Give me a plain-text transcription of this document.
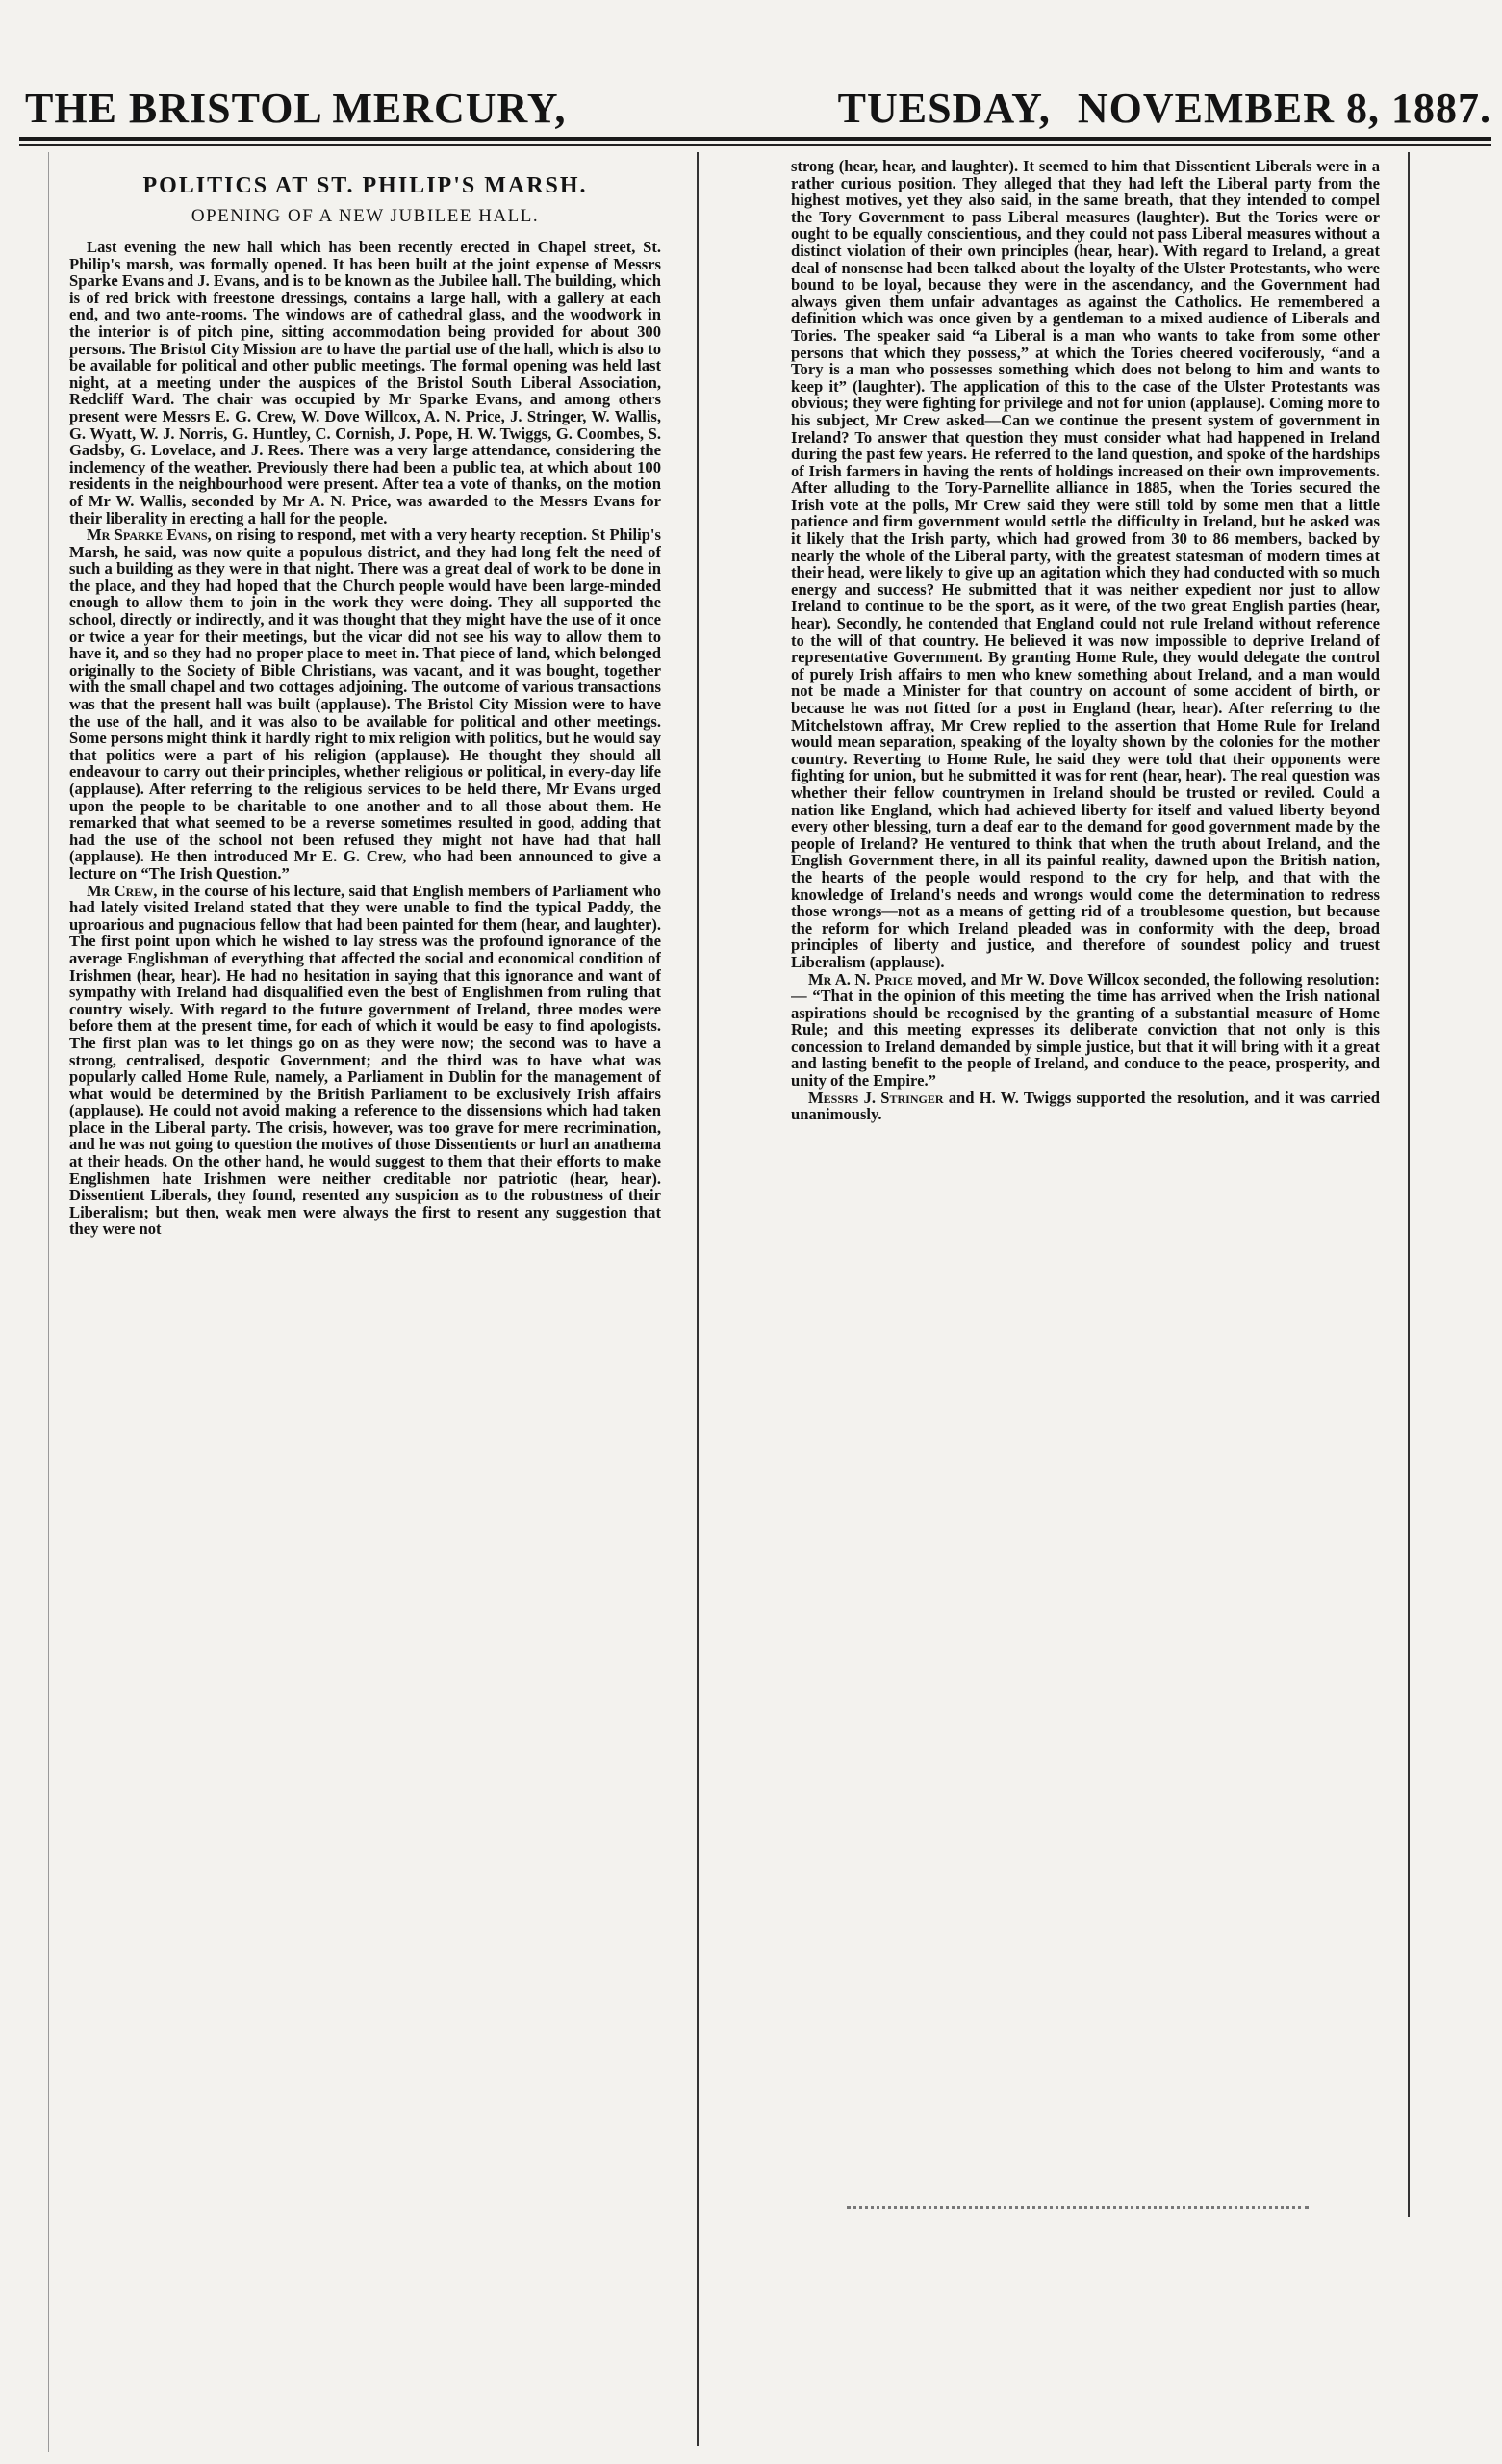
THE BRISTOL MERCURY,	TUESDAY, NOVEMBER 8, 1887.
POLITICS AT ST. PHILIP'S MARSH.
OPENING OF A NEW JUBILEE HALL.

Last evening the new hall which has been recently erected in Chapel street, St. Philip's marsh, was formally opened. It has been built at the joint expense of Messrs Sparke Evans and J. Evans, and is to be known as the Jubilee hall. The building, which is of red brick with freestone dressings, contains a large hall, with a gallery at each end, and two ante-rooms. The windows are of cathedral glass, and the woodwork in the interior is of pitch pine, sitting accommodation being provided for about 300 persons. The Bristol City Mission are to have the partial use of the hall, which is also to be available for political and other public meetings. The formal opening was held last night, at a meeting under the auspices of the Bristol South Liberal Association, Redcliff Ward. The chair was occupied by Mr Sparke Evans, and among others present were Messrs E. G. Crew, W. Dove Willcox, A. N. Price, J. Stringer, W. Wallis, G. Wyatt, W. J. Norris, G. Huntley, C. Cornish, J. Pope, H. W. Twiggs, G. Coombes, S. Gadsby, G. Lovelace, and J. Rees. There was a very large attendance, considering the inclemency of the weather. Previously there had been a public tea, at which about 100 residents in the neighbourhood were present. After tea a vote of thanks, on the motion of Mr W. Wallis, seconded by Mr A. N. Price, was awarded to the Messrs Evans for their liberality in erecting a hall for the people.

Mr Sparke Evans, on rising to respond, met with a very hearty reception. St Philip's Marsh, he said, was now quite a populous district, and they had long felt the need of such a building as they were in that night. There was a great deal of work to be done in the place, and they had hoped that the Church people would have been large-minded enough to allow them to join in the work they were doing. They all supported the school, directly or indirectly, and it was thought that they might have the use of it once or twice a year for their meetings, but the vicar did not see his way to allow them to have it, and so they had no proper place to meet in. That piece of land, which belonged originally to the Society of Bible Christians, was vacant, and it was bought, together with the small chapel and two cottages adjoining. The outcome of various transactions was that the present hall was built (applause). The Bristol City Mission were to have the use of the hall, and it was also to be available for political and other meetings. Some persons might think it hardly right to mix religion with politics, but he would say that politics were a part of his religion (applause). He thought they should all endeavour to carry out their principles, whether religious or political, in every-day life (applause). After referring to the religious services to be held there, Mr Evans urged upon the people to be charitable to one another and to all those about them. He remarked that what seemed to be a reverse sometimes resulted in good, adding that had the use of the school not been refused they might not have had that hall (applause). He then introduced Mr E. G. Crew, who had been announced to give a lecture on “The Irish Question.”

Mr Crew, in the course of his lecture, said that English members of Parliament who had lately visited Ireland stated that they were unable to find the typical Paddy, the uproarious and pugnacious fellow that had been painted for them (hear, and laughter). The first point upon which he wished to lay stress was the profound ignorance of the average Englishman of everything that affected the social and economical condition of Irishmen (hear, hear). He had no hesitation in saying that this ignorance and want of sympathy with Ireland had disqualified even the best of Englishmen from ruling that country wisely. With regard to the future government of Ireland, three modes were before them at the present time, for each of which it would be easy to find apologists. The first plan was to let things go on as they were now; the second was to have a strong, centralised, despotic Government; and the third was to have what was popularly called Home Rule, namely, a Parliament in Dublin for the management of what would be determined by the British Parliament to be exclusively Irish affairs (applause). He could not avoid making a reference to the dissensions which had taken place in the Liberal party. The crisis, however, was too grave for mere recrimination, and he was not going to question the motives of those Dissentients or hurl an anathema at their heads. On the other hand, he would suggest to them that their efforts to make Englishmen hate Irishmen were neither creditable nor patriotic (hear, hear). Dissentient Liberals, they found, resented any suspicion as to the robustness of their Liberalism; but then, weak men were always the first to resent any suggestion that they were not

strong (hear, hear, and laughter). It seemed to him that Dissentient Liberals were in a rather curious position. They alleged that they had left the Liberal party from the highest motives, yet they also said, in the same breath, that they intended to compel the Tory Government to pass Liberal measures (laughter). But the Tories were or ought to be equally conscientious, and they could not pass Liberal measures without a distinct violation of their own principles (hear, hear). With regard to Ireland, a great deal of nonsense had been talked about the loyalty of the Ulster Protestants, who were bound to be loyal, because they were in the ascendancy, and the Government had always given them unfair advantages as against the Catholics. He remembered a definition which was once given by a gentleman to a mixed audience of Liberals and Tories. The speaker said “a Liberal is a man who wants to take from some other persons that which they possess,” at which the Tories cheered vociferously, “and a Tory is a man who possesses something which does not belong to him and wants to keep it” (laughter). The application of this to the case of the Ulster Protestants was obvious; they were fighting for privilege and not for union (applause). Coming more to his subject, Mr Crew asked—Can we continue the present system of government in Ireland? To answer that question they must consider what had happened in Ireland during the past few years. He referred to the land question, and spoke of the hardships of Irish farmers in having the rents of holdings increased on their own improvements. After alluding to the Tory-Parnellite alliance in 1885, when the Tories secured the Irish vote at the polls, Mr Crew said they were still told by some men that a little patience and firm government would settle the difficulty in Ireland, but he asked was it likely that the Irish party, which had growed from 30 to 86 members, backed by nearly the whole of the Liberal party, with the greatest statesman of modern times at their head, were likely to give up an agitation which they had conducted with so much energy and success? He submitted that it was neither expedient nor just to allow Ireland to continue to be the sport, as it were, of the two great English parties (hear, hear). Secondly, he contended that England could not rule Ireland without reference to the will of that country. He believed it was now impossible to deprive Ireland of representative Government. By granting Home Rule, they would delegate the control of purely Irish affairs to men who knew something about Ireland, and a man would not be made a Minister for that country on account of some accident of birth, or because he was not fitted for a post in England (hear, hear). After referring to the Mitchelstown affray, Mr Crew replied to the assertion that Home Rule for Ireland would mean separation, speaking of the loyalty shown by the colonies for the mother country. Reverting to Home Rule, he said they were told that their opponents were fighting for union, but he submitted it was for rent (hear, hear). The real question was whether their fellow countrymen in Ireland should be trusted or reviled. Could a nation like England, which had achieved liberty for itself and valued liberty beyond every other blessing, turn a deaf ear to the demand for good government made by the people of Ireland? He ventured to think that when the truth about Ireland, and the English Government there, in all its painful reality, dawned upon the British nation, the hearts of the people would respond to the cry for help, and that with the knowledge of Ireland's needs and wrongs would come the determination to redress those wrongs—not as a means of getting rid of a troublesome question, but because the reform for which Ireland pleaded was in conformity with the deep, broad principles of liberty and justice, and therefore of soundest policy and truest Liberalism (applause).

Mr A. N. Price moved, and Mr W. Dove Willcox seconded, the following resolution:— “That in the opinion of this meeting the time has arrived when the Irish national aspirations should be recognised by the granting of a substantial measure of Home Rule; and this meeting expresses its deliberate conviction that not only is this concession to Ireland demanded by simple justice, but that it will bring with it a great and lasting benefit to the people of Ireland, and conduce to the peace, prosperity, and unity of the Empire.”

Messrs J. Stringer and H. W. Twiggs supported the resolution, and it was carried unanimously.
